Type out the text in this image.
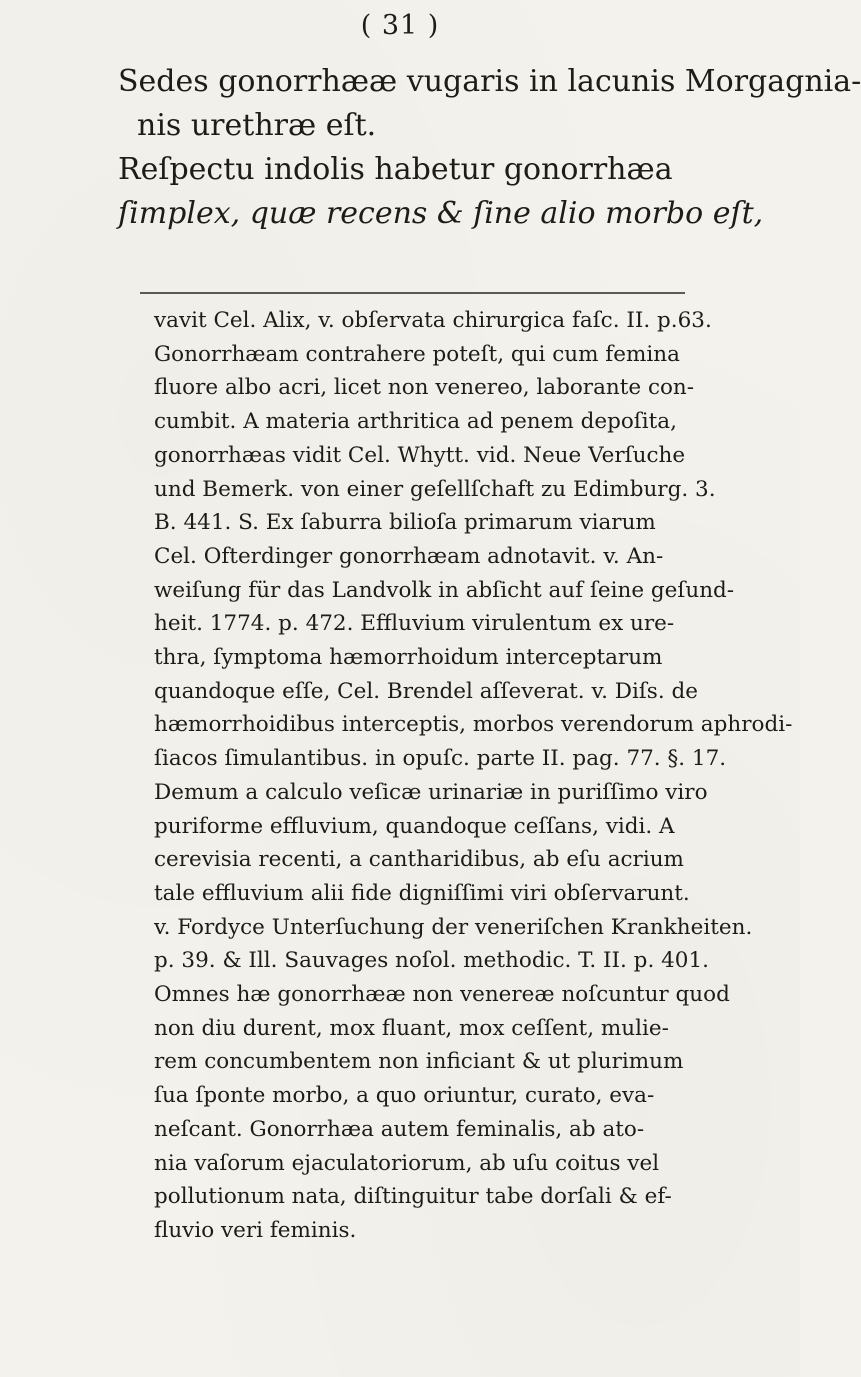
( 31 )
Sedes gonorrhææ vugaris in lacunis Morgagnia-
nis urethræ eſt.
Reſpectu indolis habetur gonorrhæa
ſimplex, quæ recens & ſine alio morbo eſt,
vavit Cel. Alix, v. obſervata chirurgica faſc. II. p.63.
Gonorrhæam contrahere poteſt, qui cum femina
fluore albo acri, licet non venereo, laborante con-
cumbit. A materia arthritica ad penem depoſita,
gonorrhæas vidit Cel. Whytt. vid. Neue Verſuche
und Bemerk. von einer geſellſchaft zu Edimburg. 3.
B. 441. S. Ex ſaburra bilioſa primarum viarum
Cel. Ofterdinger gonorrhæam adnotavit. v. An-
weiſung für das Landvolk in abſicht auf ſeine geſund-
heit. 1774. p. 472. Effluvium virulentum ex ure-
thra, ſymptoma hæmorrhoidum interceptarum
quandoque eſſe, Cel. Brendel aſſeverat. v. Diſs. de
hæmorrhoidibus interceptis, morbos verendorum aphrodi-
ſiacos ſimulantibus. in opuſc. parte II. pag. 77. §. 17.
Demum a calculo veſicæ urinariæ in puriſſimo viro
puriforme effluvium, quandoque ceſſans, vidi. A
cerevisia recenti, a cantharidibus, ab eſu acrium
tale effluvium alii fide digniſſimi viri obſervarunt.
v. Fordyce Unterſuchung der veneriſchen Krankheiten.
p. 39. & Ill. Sauvages noſol. methodic. T. II. p. 401.
Omnes hæ gonorrhææ non venereæ noſcuntur quod
non diu durent, mox fluant, mox ceſſent, mulie-
rem concumbentem non inficiant & ut plurimum
ſua ſponte morbo, a quo oriuntur, curato, eva-
neſcant. Gonorrhæa autem feminalis, ab ato-
nia vaſorum ejaculatoriorum, ab uſu coitus vel
pollutionum nata, diſtinguitur tabe dorſali & ef-
fluvio veri feminis.
